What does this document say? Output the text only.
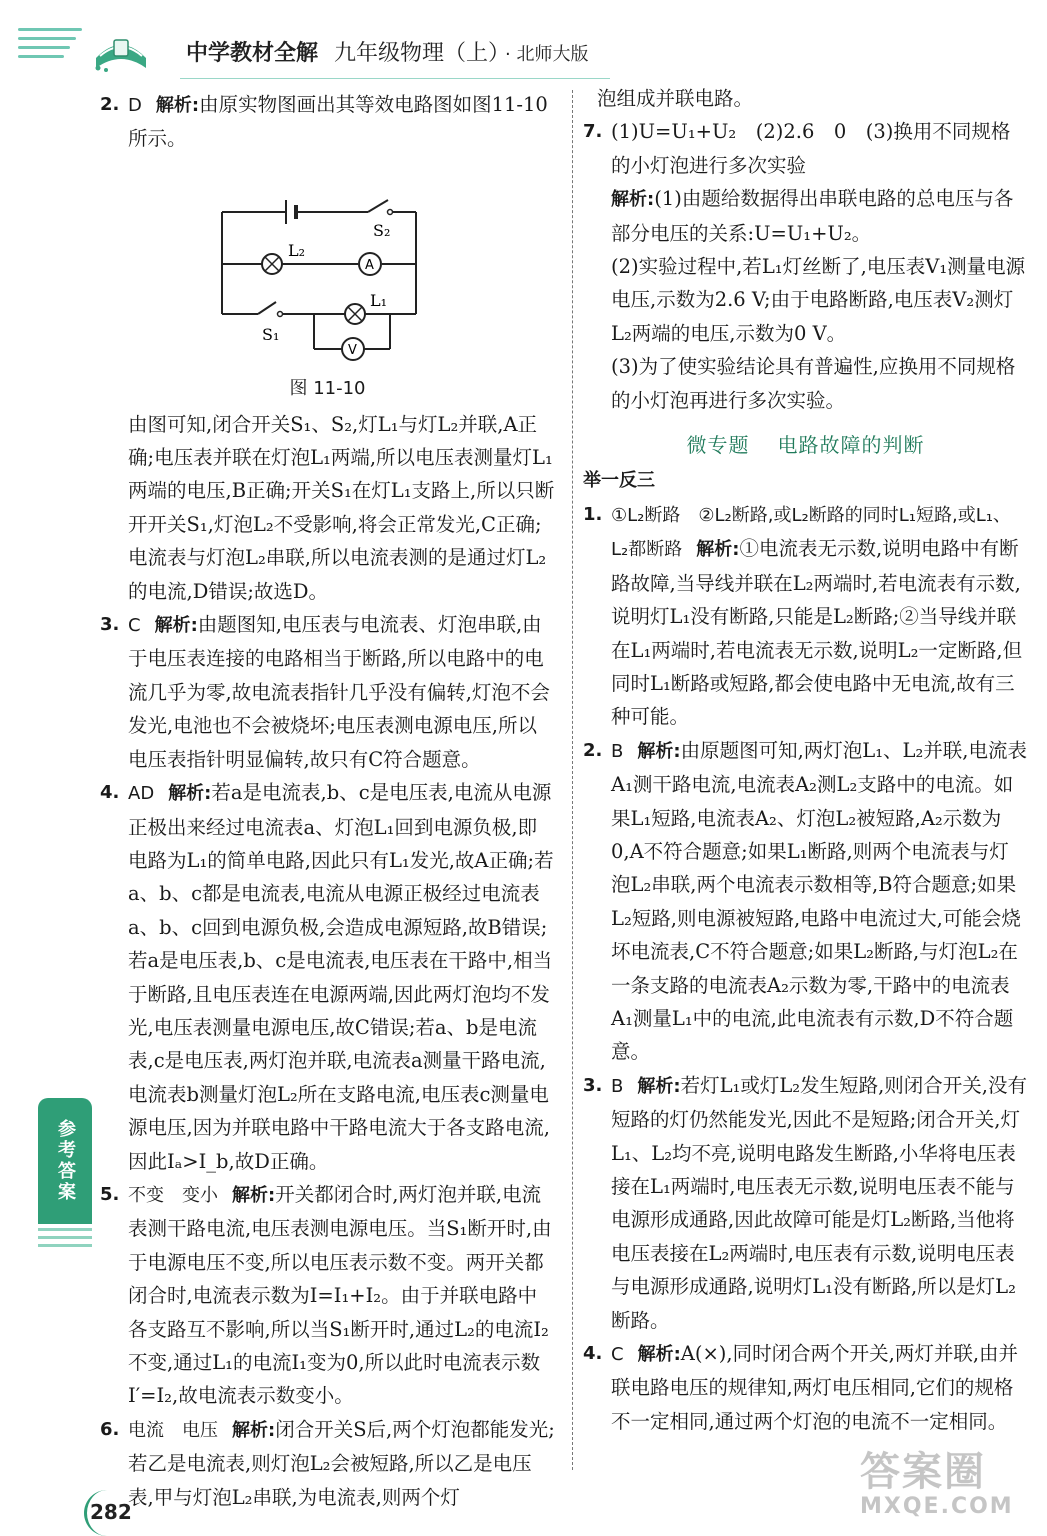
中学教材全解 九年级物理（上） · 北师大版
2. D 解析:由原实物图画出其等效电路图如图11-10所示。
S₂
L₂
A
S₁
L₁
V
图 11-10

由图可知,闭合开关S₁、S₂,灯L₁与灯L₂并联,A正确;电压表并联在灯泡L₁两端,所以电压表测量灯L₁两端的电压,B正确;开关S₁在灯L₁支路上,所以只断开开关S₁,灯泡L₂不受影响,将会正常发光,C正确;电流表与灯泡L₂串联,所以电流表测的是通过灯L₂的电流,D错误;故选D。

3. C 解析:由题图知,电压表与电流表、灯泡串联,由于电压表连接的电路相当于断路,所以电路中的电流几乎为零,故电流表指针几乎没有偏转,灯泡不会发光,电池也不会被烧坏;电压表测电源电压,所以电压表指针明显偏转,故只有C符合题意。
4. AD 解析:若a是电流表,b、c是电压表,电流从电源正极出来经过电流表a、灯泡L₁回到电源负极,即电路为L₁的简单电路,因此只有L₁发光,故A正确;若a、b、c都是电流表,电流从电源正极经过电流表a、b、c回到电源负极,会造成电源短路,故B错误;若a是电压表,b、c是电流表,电压表在干路中,相当于断路,且电压表连在电源两端,因此两灯泡均不发光,电压表测量电源电压,故C错误;若a、b是电流表,c是电压表,两灯泡并联,电流表a测量干路电流,电流表b测量灯泡L₂所在支路电流,电压表c测量电源电压,因为并联电路中干路电流大于各支路电流,因此Iₐ>I_b,故D正确。
5. 不变　变小 解析:开关都闭合时,两灯泡并联,电流表测干路电流,电压表测电源电压。当S₁断开时,由于电源电压不变,所以电压表示数不变。两开关都闭合时,电流表示数为I=I₁+I₂。由于并联电路中各支路互不影响,所以当S₁断开时,通过L₂的电流I₂不变,通过L₁的电流I₁变为0,所以此时电流表示数I′=I₂,故电流表示数变小。
6. 电流　电压 解析:闭合开关S后,两个灯泡都能发光;若乙是电流表,则灯泡L₂会被短路,所以乙是电压表,甲与灯泡L₂串联,为电流表,则两个灯

泡组成并联电路。

7. (1)U=U₁+U₂　(2)2.6　0　(3)换用不同规格的小灯泡进行多次实验

解析:(1)由题给数据得出串联电路的总电压与各部分电压的关系:U=U₁+U₂。

(2)实验过程中,若L₁灯丝断了,电压表V₁测量电源电压,示数为2.6 V;由于电路断路,电压表V₂测灯L₂两端的电压,示数为0 V。

(3)为了使实验结论具有普遍性,应换用不同规格的小灯泡再进行多次实验。

微专题 电路故障的判断
举一反三
1. ①L₂断路　②L₂断路,或L₂断路的同时L₁短路,或L₁、L₂都断路 解析:①电流表无示数,说明电路中有断路故障,当导线并联在L₂两端时,若电流表有示数,说明灯L₁没有断路,只能是L₂断路;②当导线并联在L₁两端时,若电流表无示数,说明L₂一定断路,但同时L₁断路或短路,都会使电路中无电流,故有三种可能。
2. B 解析:由原题图可知,两灯泡L₁、L₂并联,电流表A₁测干路电流,电流表A₂测L₂支路中的电流。如果L₁短路,电流表A₂、灯泡L₂被短路,A₂示数为0,A不符合题意;如果L₁断路,则两个电流表与灯泡L₂串联,两个电流表示数相等,B符合题意;如果L₂短路,则电源被短路,电路中电流过大,可能会烧坏电流表,C不符合题意;如果L₂断路,与灯泡L₂在一条支路的电流表A₂示数为零,干路中的电流表A₁测量L₁中的电流,此电流表有示数,D不符合题意。
3. B 解析:若灯L₁或灯L₂发生短路,则闭合开关,没有短路的灯仍然能发光,因此不是短路;闭合开关,灯L₁、L₂均不亮,说明电路发生断路,小华将电压表接在L₁两端时,电压表无示数,说明电压表不能与电源形成通路,因此故障可能是灯L₂断路,当他将电压表接在L₂两端时,电压表有示数,说明电压表与电源形成通路,说明灯L₁没有断路,所以是灯L₂断路。
4. C 解析:A(×),同时闭合两个开关,两灯并联,由并联电路电压的规律知,两灯电压相同,它们的规格不一定相同,通过两个灯泡的电流不一定相同。
参考答案
282
答案圈
MXQE.COM
